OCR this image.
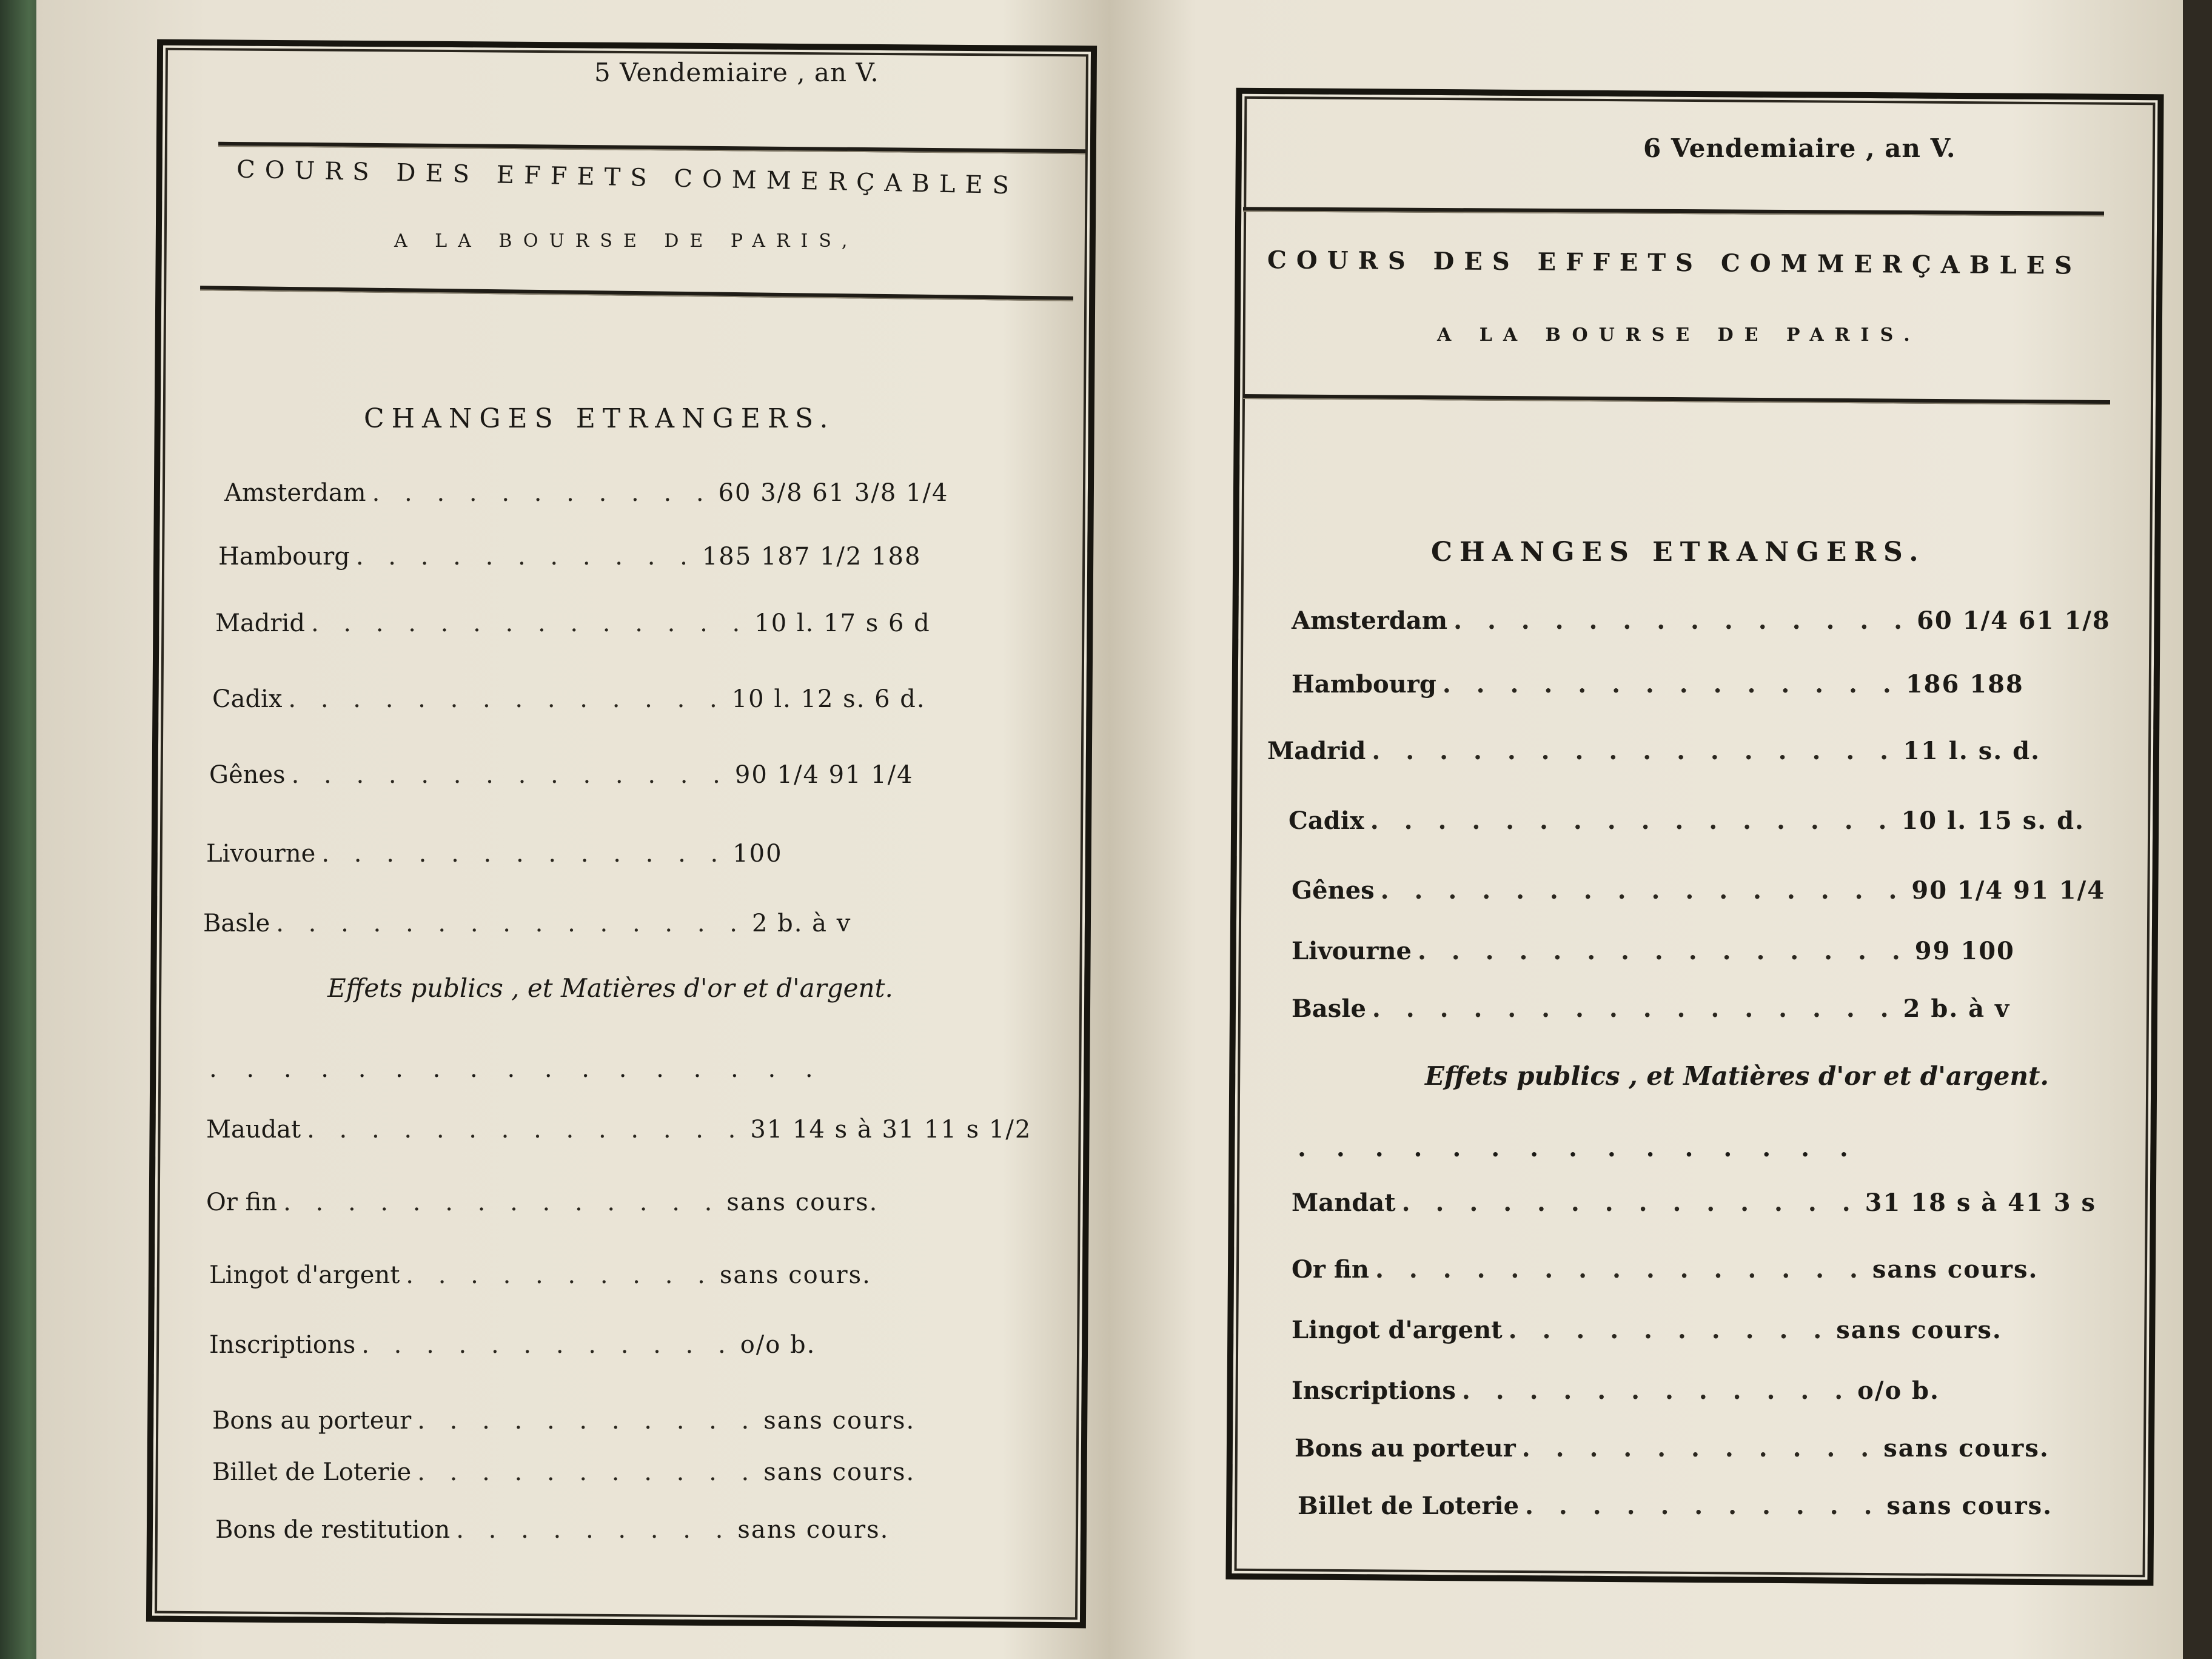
5 Vendemiaire , an V.
COURS DES EFFETS COMMERÇABLES
A LA BOURSE DE PARIS,
CHANGES ETRANGERS.
Amsterdam . . . . . . . . . . . 60 3/8 61 3/8 1/4
Hambourg . . . . . . . . . . . 185 187 1/2 188
Madrid . . . . . . . . . . . . . . 10 l. 17 s 6 d
Cadix . . . . . . . . . . . . . . 10 l. 12 s. 6 d.
Gênes . . . . . . . . . . . . . . 90 1/4 91 1/4
Livourne . . . . . . . . . . . . . 100
Basle . . . . . . . . . . . . . . . 2 b. à v
Effets publics , et Matières d'or et d'argent.
. . . . . . . . . . . . . . . . .
Maudat . . . . . . . . . . . . . . 31 14 s à 31 11 s 1/2
Or fin . . . . . . . . . . . . . . sans cours.
Lingot d'argent . . . . . . . . . . sans cours.
Inscriptions . . . . . . . . . . . . o/o b.
Bons au porteur . . . . . . . . . . . sans cours.
Billet de Loterie . . . . . . . . . . . sans cours.
Bons de restitution . . . . . . . . . sans cours.
6 Vendemiaire , an V.
COURS DES EFFETS COMMERÇABLES
A LA BOURSE DE PARIS.
CHANGES ETRANGERS.
Amsterdam . . . . . . . . . . . . . . 60 1/4 61 1/8
Hambourg . . . . . . . . . . . . . . 186 188
Madrid . . . . . . . . . . . . . . . . 11 l. s. d.
Cadix . . . . . . . . . . . . . . . . 10 l. 15 s. d.
Gênes . . . . . . . . . . . . . . . . 90 1/4 91 1/4
Livourne . . . . . . . . . . . . . . . 99 100
Basle . . . . . . . . . . . . . . . . 2 b. à v
Effets publics , et Matières d'or et d'argent.
. . . . . . . . . . . . . . .
Mandat . . . . . . . . . . . . . . 31 18 s à 41 3 s
Or fin . . . . . . . . . . . . . . . sans cours.
Lingot d'argent . . . . . . . . . . sans cours.
Inscriptions . . . . . . . . . . . . o/o b.
Bons au porteur . . . . . . . . . . . sans cours.
Billet de Loterie . . . . . . . . . . . sans cours.
